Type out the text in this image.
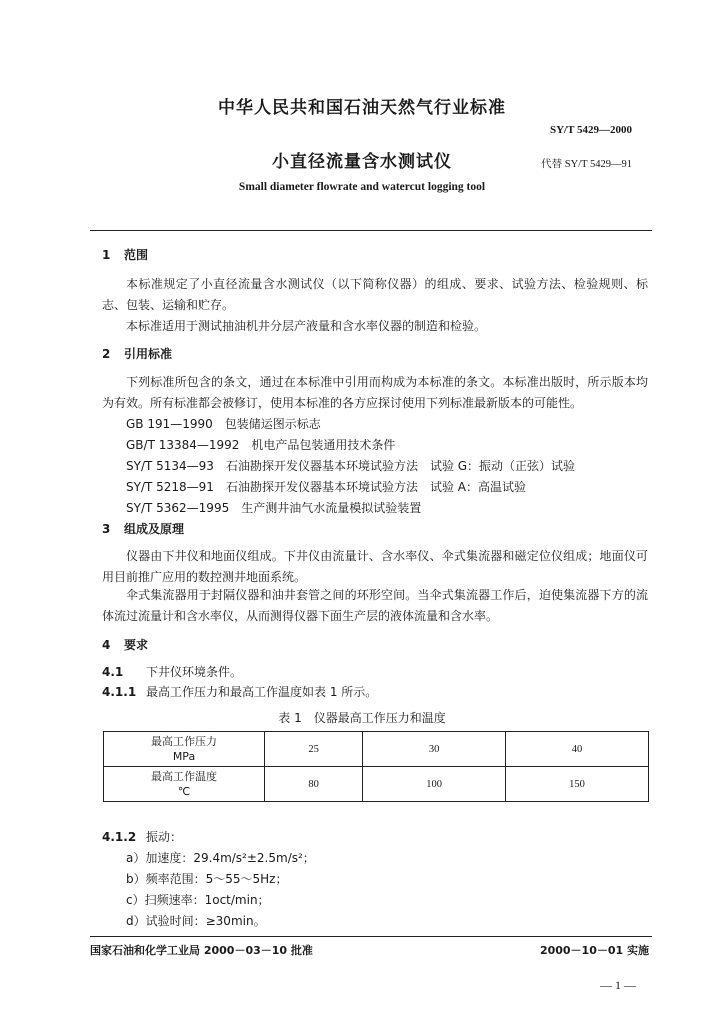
中华人民共和国石油天然气行业标准
SY/T 5429—2000
小直径流量含水测试仪	代替 SY/T 5429—91
Small diameter flowrate and watercut logging tool
1 范围
本标准规定了小直径流量含水测试仪（以下简称仪器）的组成、要求、试验方法、检验规则、标志、包装、运输和贮存。
本标准适用于测试抽油机井分层产液量和含水率仪器的制造和检验。
2 引用标准
下列标准所包含的条文，通过在本标准中引用而构成为本标准的条文。本标准出版时，所示版本均为有效。所有标准都会被修订，使用本标准的各方应探讨使用下列标准最新版本的可能性。
GB 191—1990　包装储运图示标志
GB/T 13384—1992　机电产品包装通用技术条件
SY/T 5134—93　石油勘探开发仪器基本环境试验方法　试验 G：振动（正弦）试验
SY/T 5218—91　石油勘探开发仪器基本环境试验方法　试验 A：高温试验
SY/T 5362—1995　生产测井油气水流量模拟试验装置
3 组成及原理
仪器由下井仪和地面仪组成。下井仪由流量计、含水率仪、伞式集流器和磁定位仪组成；地面仪可用目前推广应用的数控测井地面系统。
伞式集流器用于封隔仪器和油井套管之间的环形空间。当伞式集流器工作后，迫使集流器下方的流体流过流量计和含水率仪，从而测得仪器下面生产层的液体流量和含水率。
4 要求
4.1 下井仪环境条件。
4.1.1 最高工作压力和最高工作温度如表 1 所示。
表 1　仪器最高工作压力和温度
最高工作压力
MPa	25	30	40

最高工作温度
℃	80	100	150
4.1.2 振动：
a）加速度：29.4m/s²±2.5m/s²；
b）频率范围：5～55～5Hz；
c）扫频速率：1oct/min；
d）试验时间：≥30min。
国家石油和化学工业局 2000－03－10 批准	2000－10－01 实施
— 1 —
